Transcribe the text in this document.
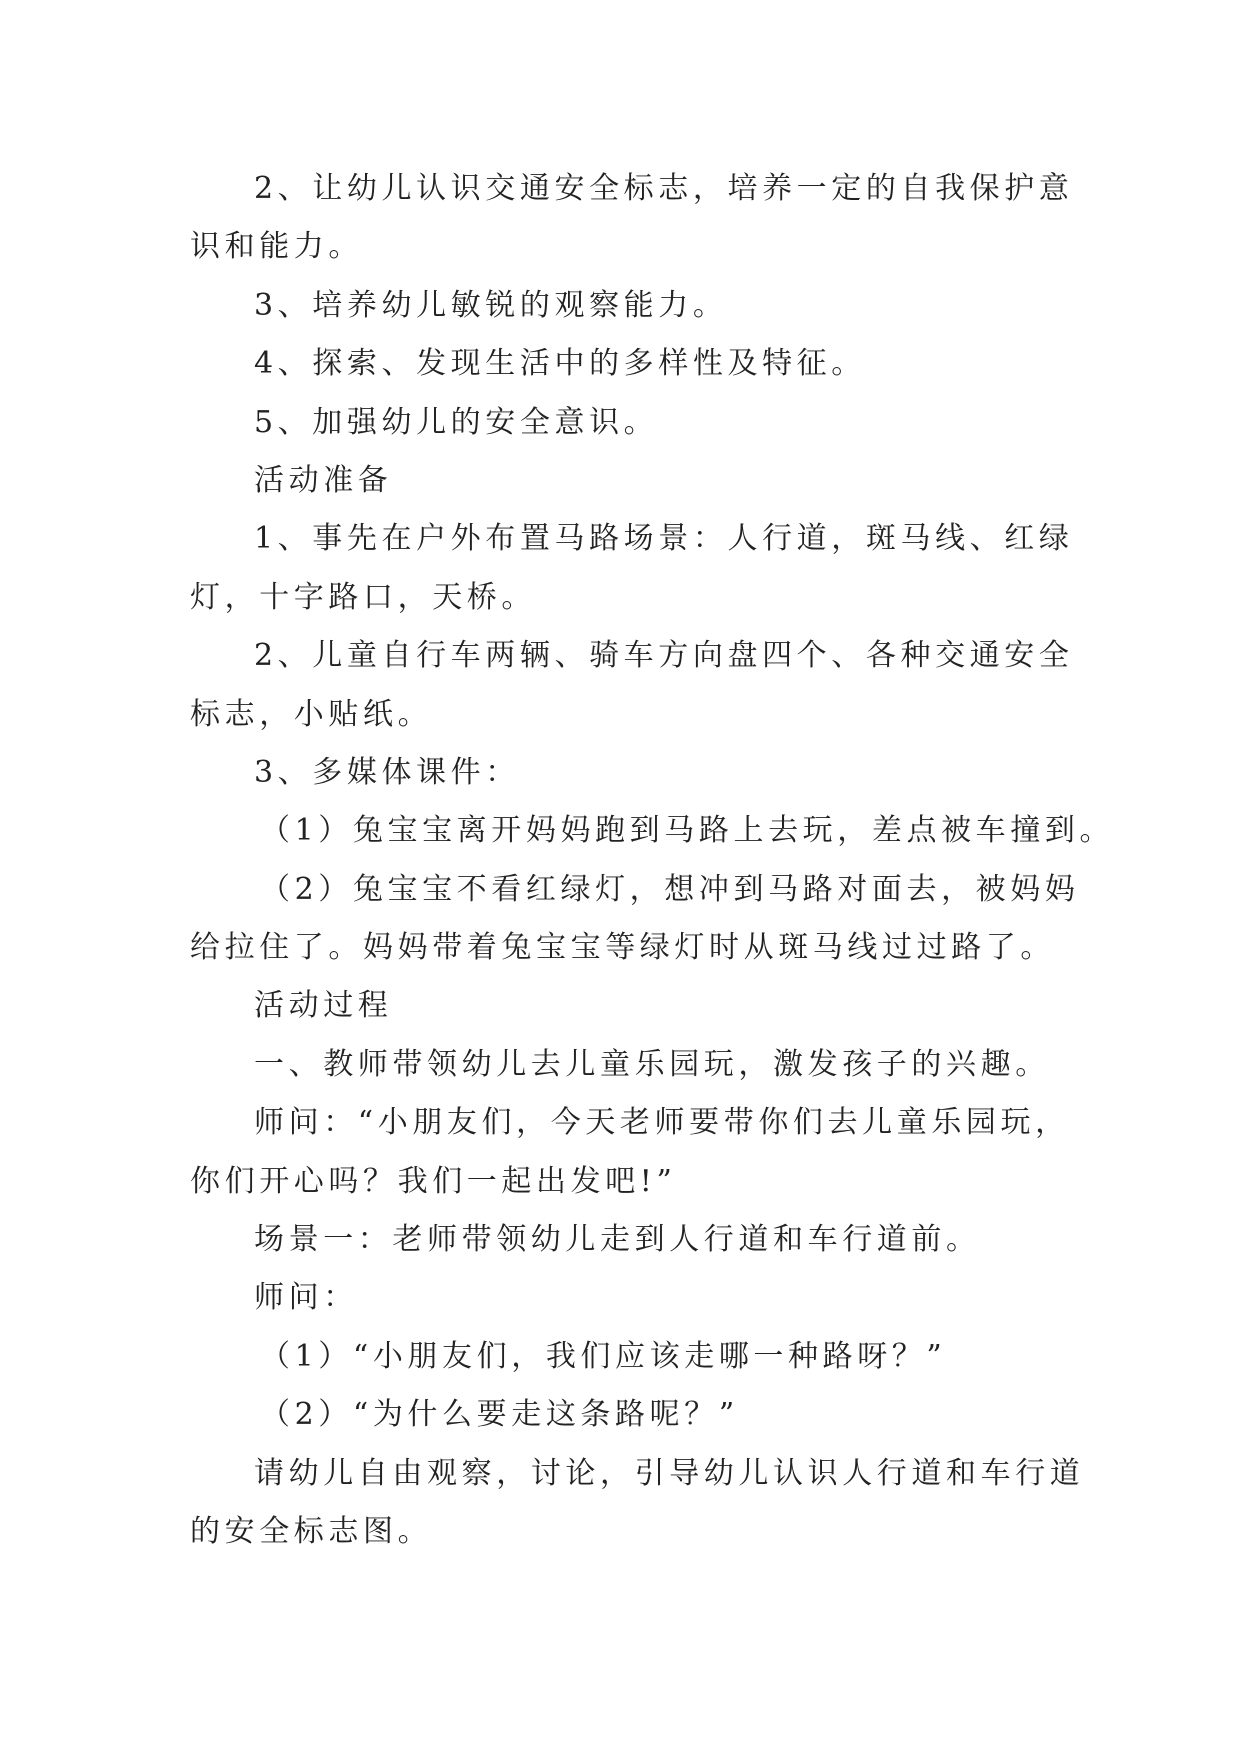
2、让幼儿认识交通安全标志，培养一定的自我保护意
识和能力。
3、培养幼儿敏锐的观察能力。
4、探索、发现生活中的多样性及特征。
5、加强幼儿的安全意识。
活动准备
1、事先在户外布置马路场景：人行道，斑马线、红绿
灯，十字路口，天桥。
2、儿童自行车两辆、骑车方向盘四个、各种交通安全
标志，小贴纸。
3、多媒体课件：
（1）兔宝宝离开妈妈跑到马路上去玩，差点被车撞到。
（2）兔宝宝不看红绿灯，想冲到马路对面去，被妈妈
给拉住了。妈妈带着兔宝宝等绿灯时从斑马线过过路了。
活动过程
一、教师带领幼儿去儿童乐园玩，激发孩子的兴趣。
师问：“小朋友们，今天老师要带你们去儿童乐园玩，
你们开心吗？我们一起出发吧!”
场景一：老师带领幼儿走到人行道和车行道前。
师问：
（1）“小朋友们，我们应该走哪一种路呀？”
（2）“为什么要走这条路呢？”
请幼儿自由观察，讨论，引导幼儿认识人行道和车行道
的安全标志图。
